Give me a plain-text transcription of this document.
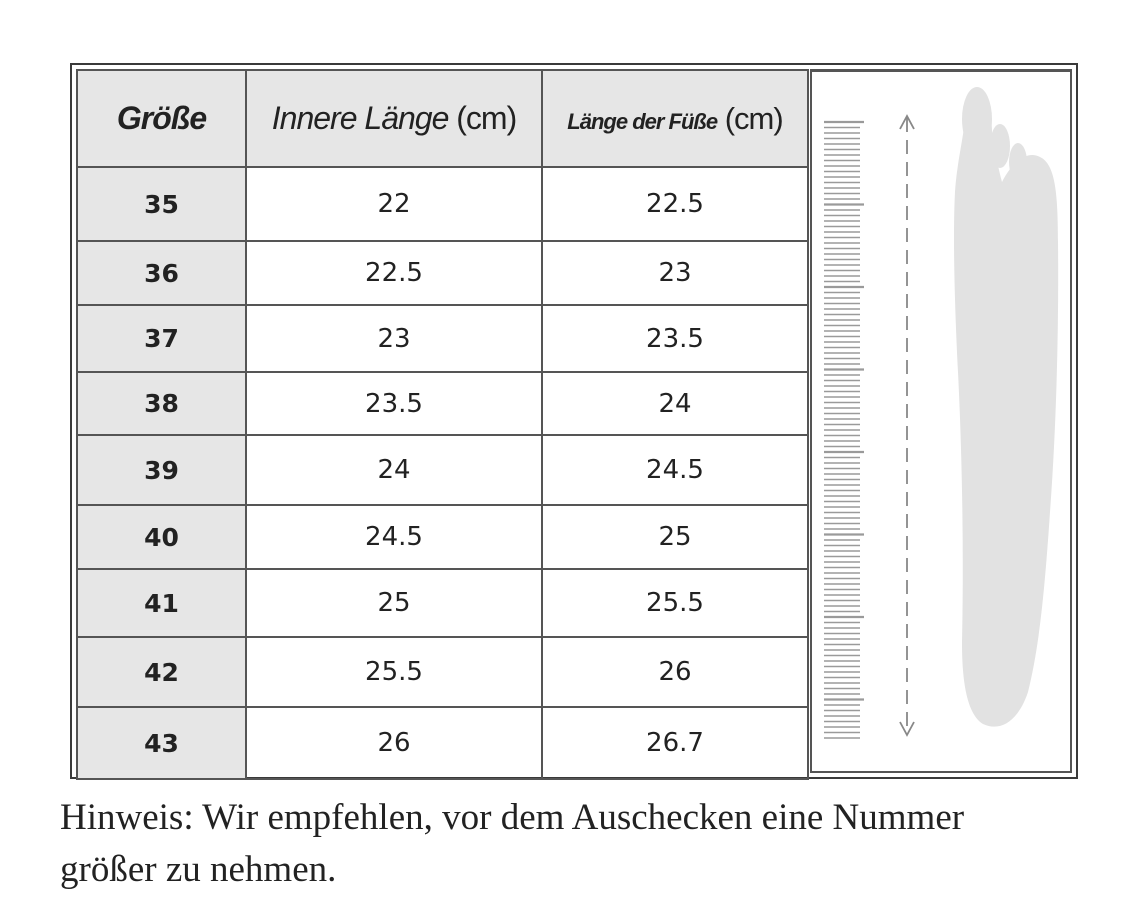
Größe	Innere Länge (cm)	Länge der Füße (cm)
35	22	22.5
36	22.5	23
37	23	23.5
38	23.5	24
39	24	24.5
40	24.5	25
41	25	25.5
42	25.5	26
43	26	26.7
Hinweis: Wir empfehlen, vor dem Auschecken eine Nummer
größer zu nehmen.
